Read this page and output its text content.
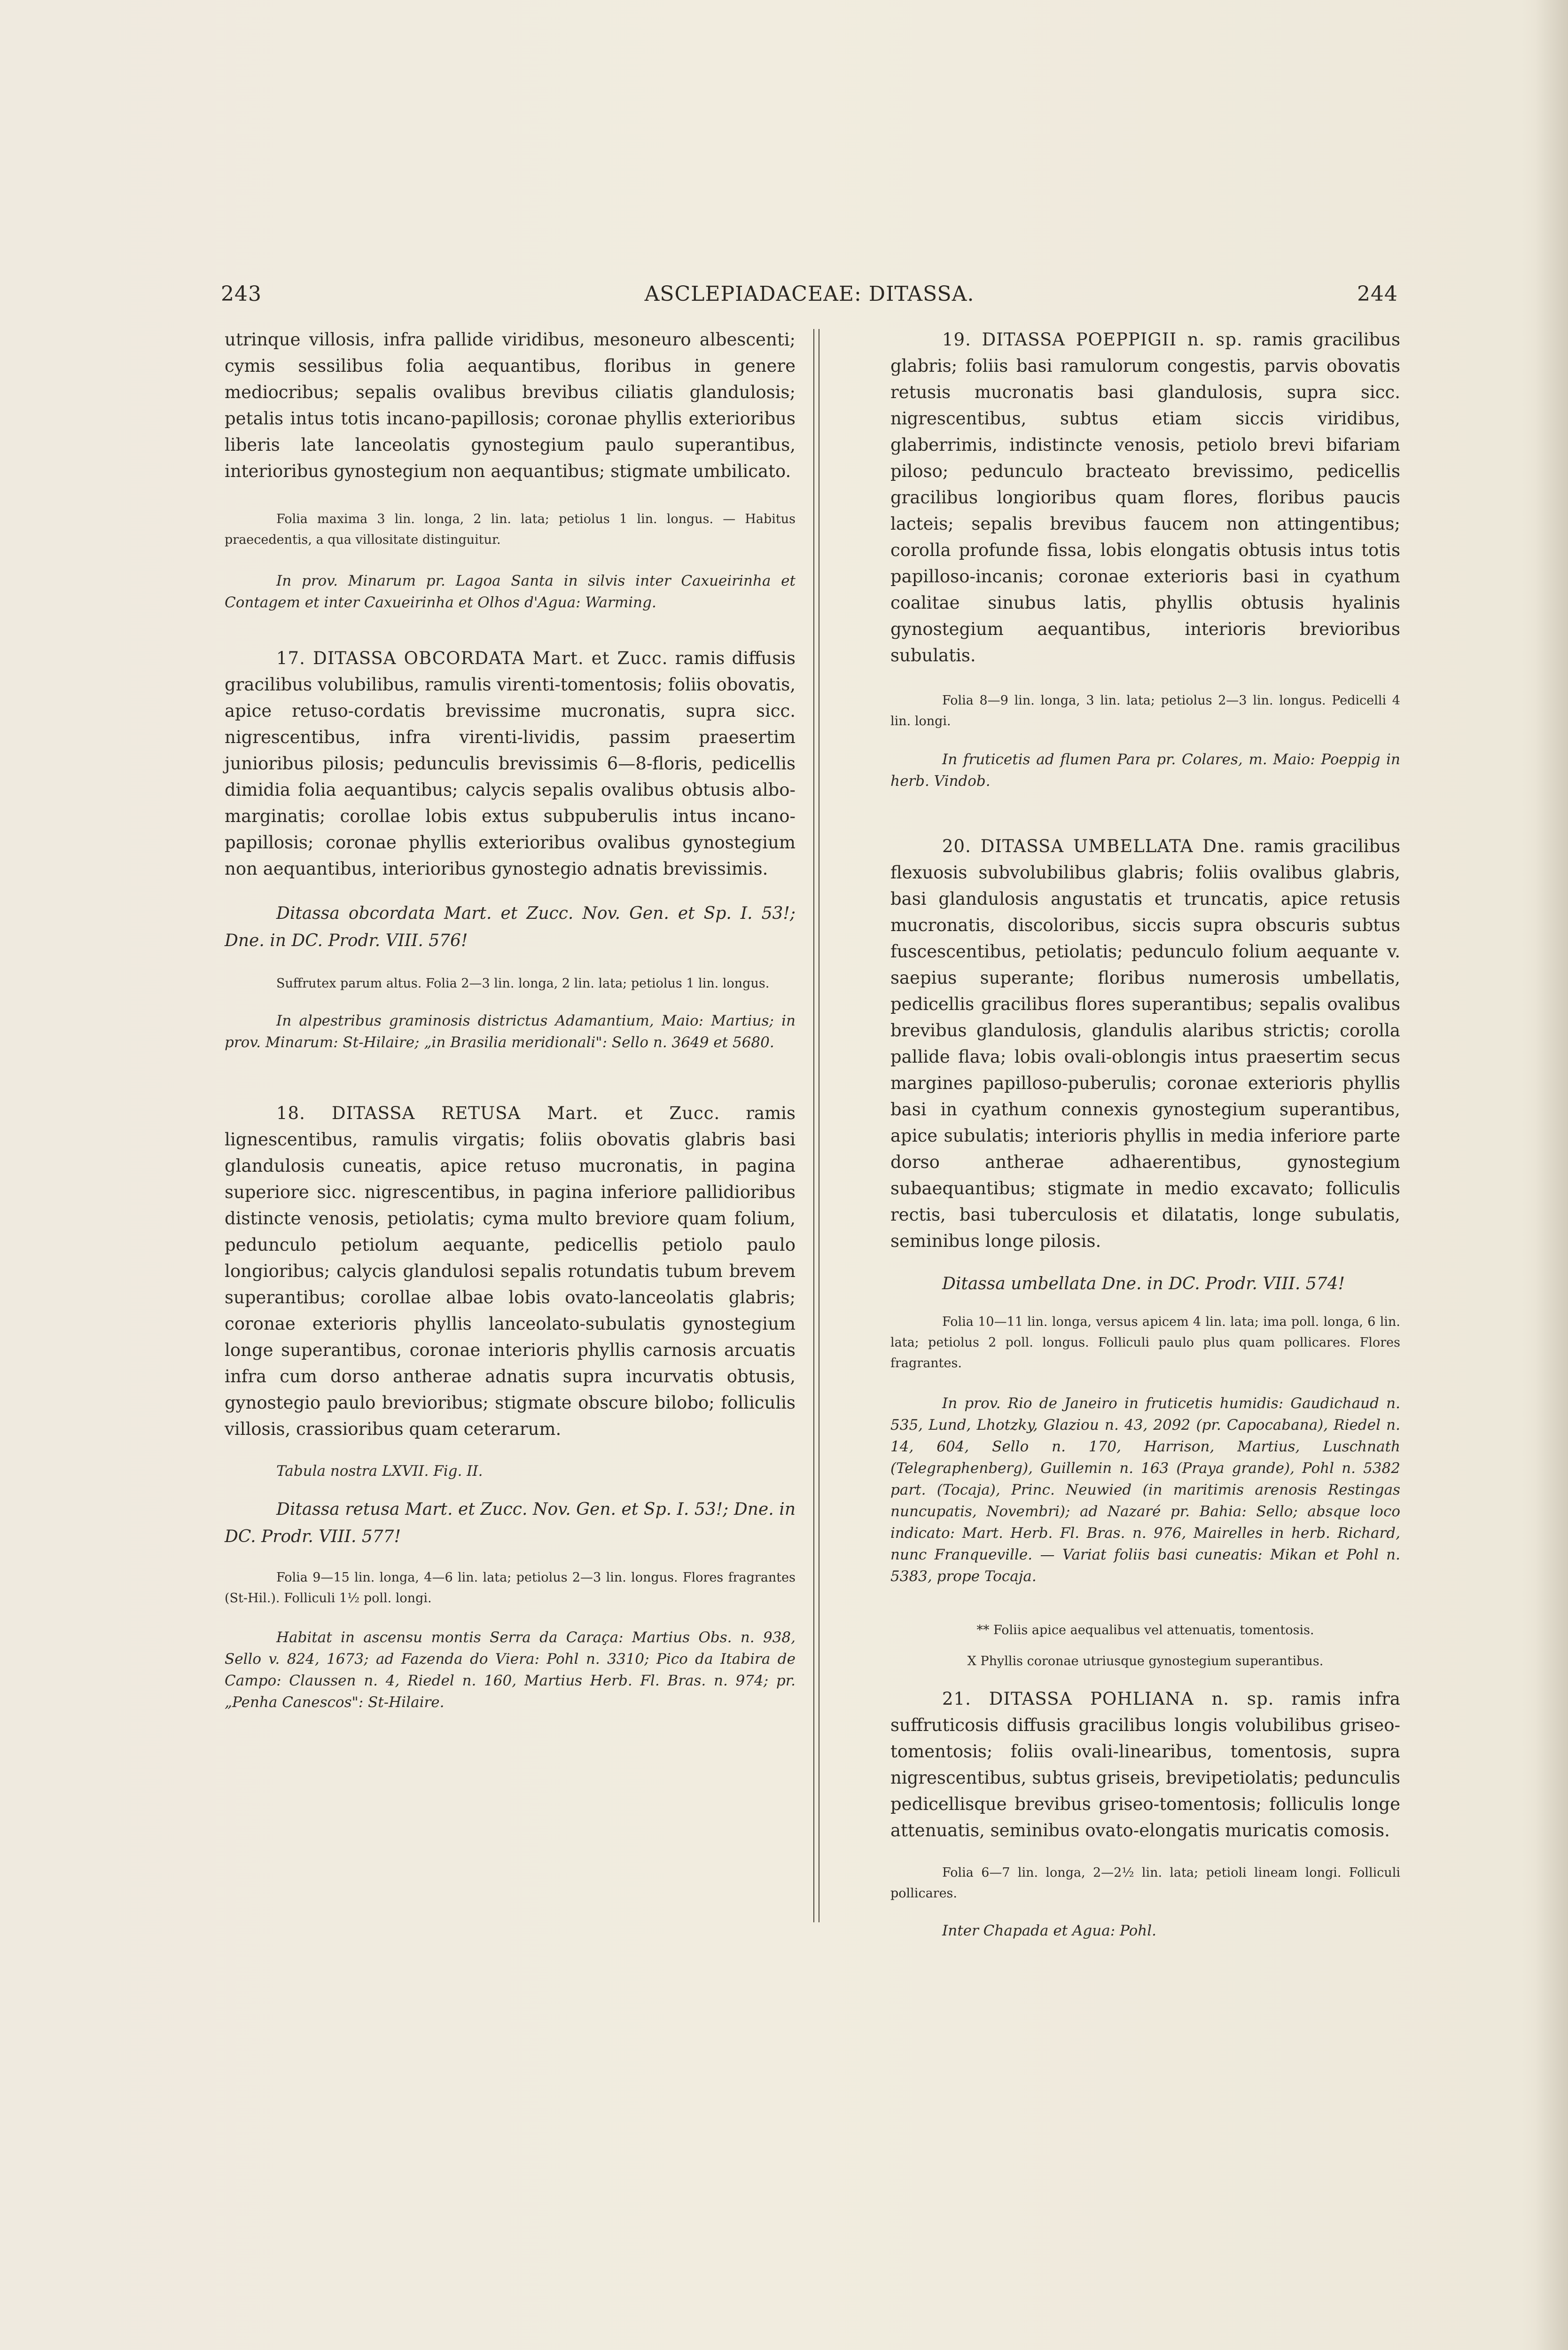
243	ASCLEPIADACEAE: DITASSA.	244

utrinque villosis, infra pallide viridibus, mesoneuro albescenti; cymis sessilibus folia aequantibus, floribus in genere mediocribus; sepalis ovalibus brevibus ciliatis glandulosis; petalis intus totis incano-papillosis; coronae phyllis exterioribus liberis late lanceolatis gynostegium paulo superantibus, interioribus gynostegium non aequantibus; stigmate umbilicato.

Folia maxima 3 lin. longa, 2 lin. lata; petiolus 1 lin. longus. — Habitus praecedentis, a qua villositate distinguitur.

In prov. Minarum pr. Lagoa Santa in silvis inter Caxueirinha et Contagem et inter Caxueirinha et Olhos d'Agua: Warming.

17. DITASSA OBCORDATA Mart. et Zucc. ramis diffusis gracilibus volubilibus, ramulis virenti-tomentosis; foliis obovatis, apice retuso-cordatis brevissime mucronatis, supra sicc. nigrescentibus, infra virenti-lividis, passim praesertim junioribus pilosis; pedunculis brevissimis 6—8-floris, pedicellis dimidia folia aequantibus; calycis sepalis ovalibus obtusis albo-marginatis; corollae lobis extus subpuberulis intus incano-papillosis; coronae phyllis exterioribus ovalibus gynostegium non aequantibus, interioribus gynostegio adnatis brevissimis.

Ditassa obcordata Mart. et Zucc. Nov. Gen. et Sp. I. 53!; Dne. in DC. Prodr. VIII. 576!

Suffrutex parum altus. Folia 2—3 lin. longa, 2 lin. lata; petiolus 1 lin. longus.

In alpestribus graminosis districtus Adamantium, Maio: Martius; in prov. Minarum: St-Hilaire; „in Brasilia meridionali": Sello n. 3649 et 5680.

18. DITASSA RETUSA Mart. et Zucc. ramis lignescentibus, ramulis virgatis; foliis obovatis glabris basi glandulosis cuneatis, apice retuso mucronatis, in pagina superiore sicc. nigrescentibus, in pagina inferiore pallidioribus distincte venosis, petiolatis; cyma multo breviore quam folium, pedunculo petiolum aequante, pedicellis petiolo paulo longioribus; calycis glandulosi sepalis rotundatis tubum brevem superantibus; corollae albae lobis ovato-lanceolatis glabris; coronae exterioris phyllis lanceolato-subulatis gynostegium longe superantibus, coronae interioris phyllis carnosis arcuatis infra cum dorso antherae adnatis supra incurvatis obtusis, gynostegio paulo brevioribus; stigmate obscure bilobo; folliculis villosis, crassioribus quam ceterarum.

Tabula nostra LXVII. Fig. II.

Ditassa retusa Mart. et Zucc. Nov. Gen. et Sp. I. 53!; Dne. in DC. Prodr. VIII. 577!

Folia 9—15 lin. longa, 4—6 lin. lata; petiolus 2—3 lin. longus. Flores fragrantes (St-Hil.). Folliculi 1½ poll. longi.

Habitat in ascensu montis Serra da Caraça: Martius Obs. n. 938, Sello v. 824, 1673; ad Fazenda do Viera: Pohl n. 3310; Pico da Itabira de Campo: Claussen n. 4, Riedel n. 160, Martius Herb. Fl. Bras. n. 974; pr. „Penha Canescos": St-Hilaire.

19. DITASSA POEPPIGII n. sp. ramis gracilibus glabris; foliis basi ramulorum congestis, parvis obovatis retusis mucronatis basi glandulosis, supra sicc. nigrescentibus, subtus etiam siccis viridibus, glaberrimis, indistincte venosis, petiolo brevi bifariam piloso; pedunculo bracteato brevissimo, pedicellis gracilibus longioribus quam flores, floribus paucis lacteis; sepalis brevibus faucem non attingentibus; corolla profunde fissa, lobis elongatis obtusis intus totis papilloso-incanis; coronae exterioris basi in cyathum coalitae sinubus latis, phyllis obtusis hyalinis gynostegium aequantibus, interioris brevioribus subulatis.

Folia 8—9 lin. longa, 3 lin. lata; petiolus 2—3 lin. longus. Pedicelli 4 lin. longi.

In fruticetis ad flumen Para pr. Colares, m. Maio: Poeppig in herb. Vindob.

20. DITASSA UMBELLATA Dne. ramis gracilibus flexuosis subvolubilibus glabris; foliis ovalibus glabris, basi glandulosis angustatis et truncatis, apice retusis mucronatis, discoloribus, siccis supra obscuris subtus fuscescentibus, petiolatis; pedunculo folium aequante v. saepius superante; floribus numerosis umbellatis, pedicellis gracilibus flores superantibus; sepalis ovalibus brevibus glandulosis, glandulis alaribus strictis; corolla pallide flava; lobis ovali-oblongis intus praesertim secus margines papilloso-puberulis; coronae exterioris phyllis basi in cyathum connexis gynostegium superantibus, apice subulatis; interioris phyllis in media inferiore parte dorso antherae adhaerentibus, gynostegium subaequantibus; stigmate in medio excavato; folliculis rectis, basi tuberculosis et dilatatis, longe subulatis, seminibus longe pilosis.

Ditassa umbellata Dne. in DC. Prodr. VIII. 574!

Folia 10—11 lin. longa, versus apicem 4 lin. lata; ima poll. longa, 6 lin. lata; petiolus 2 poll. longus. Folliculi paulo plus quam pollicares. Flores fragrantes.

In prov. Rio de Janeiro in fruticetis humidis: Gaudichaud n. 535, Lund, Lhotzky, Glaziou n. 43, 2092 (pr. Capocabana), Riedel n. 14, 604, Sello n. 170, Harrison, Martius, Luschnath (Telegraphenberg), Guillemin n. 163 (Praya grande), Pohl n. 5382 part. (Tocaja), Princ. Neuwied (in maritimis arenosis Restingas nuncupatis, Novembri); ad Nazaré pr. Bahia: Sello; absque loco indicato: Mart. Herb. Fl. Bras. n. 976, Mairelles in herb. Richard, nunc Franqueville. — Variat foliis basi cuneatis: Mikan et Pohl n. 5383, prope Tocaja.

** Foliis apice aequalibus vel attenuatis, tomentosis.

X Phyllis coronae utriusque gynostegium superantibus.

21. DITASSA POHLIANA n. sp. ramis infra suffruticosis diffusis gracilibus longis volubilibus griseo-tomentosis; foliis ovali-linearibus, tomentosis, supra nigrescentibus, subtus griseis, brevipetiolatis; pedunculis pedicellisque brevibus griseo-tomentosis; folliculis longe attenuatis, seminibus ovato-elongatis muricatis comosis.

Folia 6—7 lin. longa, 2—2½ lin. lata; petioli lineam longi. Folliculi pollicares.

Inter Chapada et Agua: Pohl.
